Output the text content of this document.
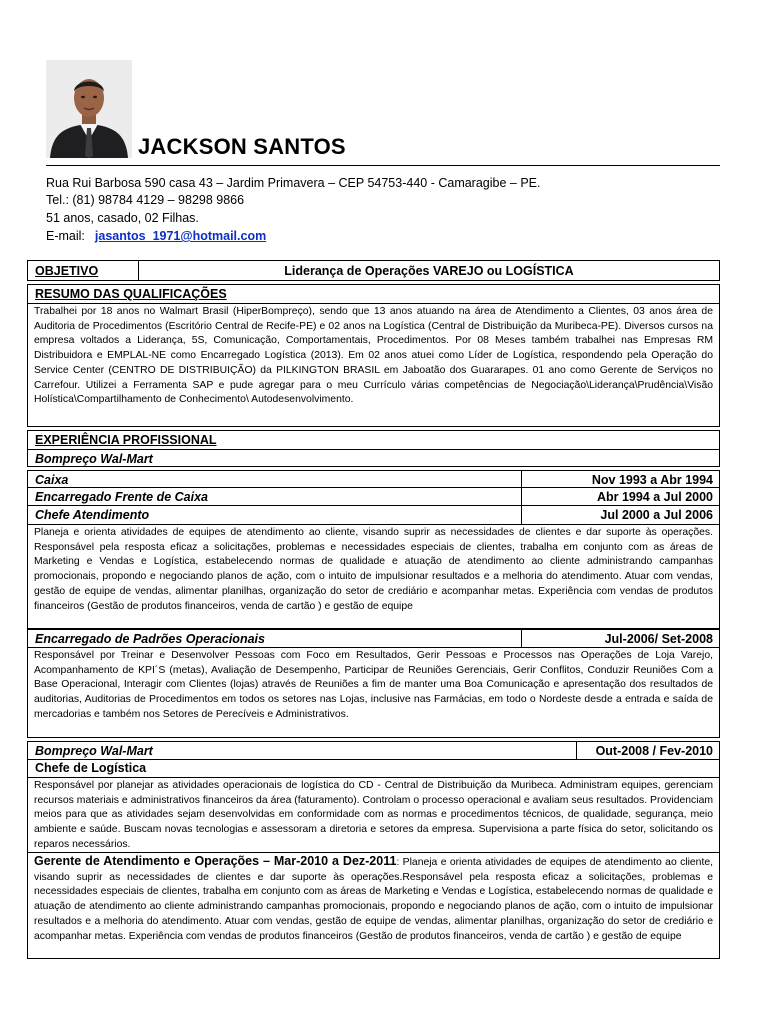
JACKSON SANTOS
Rua Rui Barbosa 590 casa 43 – Jardim Primavera – CEP 54753-440 - Camaragibe – PE.
Tel.: (81) 98784 4129 – 98298 9866
51 anos, casado, 02 Filhas.
E-mail: jasantos_1971@hotmail.com
OBJETIVO	Liderança de Operações VAREJO ou LOGÍSTICA
RESUMO DAS QUALIFICAÇÕES
Trabalhei por 18 anos no Walmart Brasil (HiperBompreço), sendo que 13 anos atuando na área de Atendimento a Clientes, 03 anos área de Auditoria de Procedimentos (Escritório Central de Recife-PE) e 02 anos na Logística (Central de Distribuição da Muribeca-PE). Diversos cursos na empresa voltados a Liderança, 5S, Comunicação, Comportamentais, Procedimentos. Por 08 Meses também trabalhei nas Empresas RM Distribuidora e EMPLAL-NE como Encarregado Logística (2013). Em 02 anos atuei como Líder de Logística, respondendo pela Operação do Service Center (CENTRO DE DISTRIBUIÇÃO) da PILKINGTON BRASIL em Jaboatão dos Guararapes. 01 ano como Gerente de Serviços no Carrefour. Utilizei a Ferramenta SAP e pude agregar para o meu Currículo várias competências de Negociação\Liderança\Prudência\Visão Holística\Compartilhamento de Conhecimento\ Autodesenvolvimento.
EXPERIÊNCIA PROFISSIONAL
Bompreço Wal-Mart
Caixa	Nov 1993 a Abr 1994
Encarregado Frente de Caixa	Abr 1994 a Jul 2000
Chefe Atendimento	Jul 2000 a Jul 2006
Planeja e orienta atividades de equipes de atendimento ao cliente, visando suprir as necessidades de clientes e dar suporte às operações. Responsável pela resposta eficaz a solicitações, problemas e necessidades especiais de clientes, trabalha em conjunto com as áreas de Marketing e Vendas e Logística, estabelecendo normas de qualidade e atuação de atendimento ao cliente administrando campanhas promocionais, propondo e negociando planos de ação, com o intuito de impulsionar resultados e a melhoria do atendimento. Atuar com vendas, gestão de equipe de vendas, alimentar planilhas, organização do setor de crediário e acompanhar metas. Experiência com vendas de produtos financeiros (Gestão de produtos financeiros, venda de cartão ) e gestão de equipe
Encarregado de Padrões Operacionais	Jul-2006/ Set-2008
Responsável por Treinar e Desenvolver Pessoas com Foco em Resultados, Gerir Pessoas e Processos nas Operações de Loja Varejo, Acompanhamento de KPI´S (metas), Avaliação de Desempenho, Participar de Reuniões Gerenciais, Gerir Conflitos, Conduzir Reuniões Com a Base Operacional, Interagir com Clientes (lojas) através de Reuniões a fim de manter uma Boa Comunicação e apresentação dos resultados de auditorias, Auditorias de Procedimentos em todos os setores nas Lojas, inclusive nas Farmácias, em todo o Nordeste desde a entrada e saída de mercadorias e também nos Setores de Perecíveis e Administrativos.
Bompreço Wal-Mart	Out-2008 / Fev-2010
Chefe de Logística
Responsável por planejar as atividades operacionais de logística do CD - Central de Distribuição da Muribeca. Administram equipes, gerenciam recursos materiais e administrativos financeiros da área (faturamento). Controlam o processo operacional e avaliam seus resultados. Providenciam meios para que as atividades sejam desenvolvidas em conformidade com as normas e procedimentos técnicos, de qualidade, segurança, meio ambiente e saúde. Buscam novas tecnologias e assessoram a diretoria e setores da empresa. Supervisiona a parte física do setor, solicitando os reparos necessários.
Gerente de Atendimento e Operações – Mar-2010 a Dez-2011: Planeja e orienta atividades de equipes de atendimento ao cliente, visando suprir as necessidades de clientes e dar suporte às operações.Responsável pela resposta eficaz a solicitações, problemas e necessidades especiais de clientes, trabalha em conjunto com as áreas de Marketing e Vendas e Logística, estabelecendo normas de qualidade e atuação de atendimento ao cliente administrando campanhas promocionais, propondo e negociando planos de ação, com o intuito de impulsionar resultados e a melhoria do atendimento. Atuar com vendas, gestão de equipe de vendas, alimentar planilhas, organização do setor de crediário e acompanhar metas. Experiência com vendas de produtos financeiros (Gestão de produtos financeiros, venda de cartão ) e gestão de equipe
